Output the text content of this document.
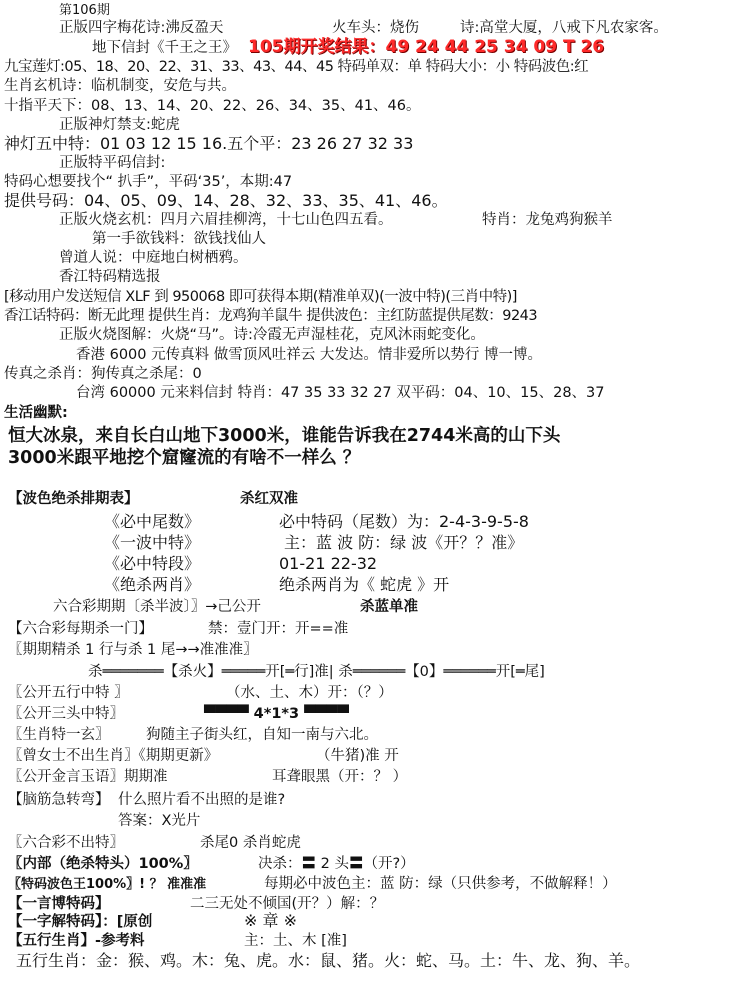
第106期
正版四字梅花诗:沸反盈天	火车头：烧伤	诗:高堂大厦，八戒下凡农家客。
地下信封《千王之王》 105期开奖结果：49 24 44 25 34 09 T 26
九宝莲灯:05、18、20、22、31、33、43、44、45 特码单双：单 特码大小：小 特码波色:红
生肖玄机诗：临机制变，安危与共。
十指平天下：08、13、14、20、22、26、34、35、41、46。
正版神灯禁支:蛇虎
神灯五中特：01 03 12 15 16.五个平：23 26 27 32 33
正版特平码信封:
特码心想要找个“ 扒手”，平码‘35’，本期:47
提供号码：04、05、09、14、28、32、33、35、41、46。
正版火烧玄机：四月六眉挂柳湾，十七山色四五看。	特肖：龙兔鸡狗猴羊
第一手欲钱料：欲钱找仙人
曾道人说：中庭地白树栖鸦。
香江特码精选报
[移动用户发送短信 XLF 到 950068 即可获得本期(精准单双)(一波中特)(三肖中特)]
香江话特码：断无此理 提供生肖：龙鸡狗羊鼠牛 提供波色：主红防蓝提供尾数：9243
正版火烧图解：火烧“马”。诗:冷霞无声湿桂花，克风沐雨蛇变化。
香港 6000 元传真料 做雪顶风吐祥云 大发达。情非爱所以势行 博一博。
传真之杀肖：狗传真之杀尾：0
台湾 60000 元来料信封 特肖：47 35 33 32 27 双平码：04、10、15、28、37
生活幽默:
恒大冰泉，来自长白山地下3000米，谁能告诉我在2744米高的山下头
3000米跟平地挖个窟窿流的有啥不一样么 ？
【波色绝杀排期表】	杀红双准
《必中尾数》	必中特码（尾数）为：2-4-3-9-5-8
《一波中特》	主：蓝 波 防：绿 波《开？？准》
《必中特段》	01-21 22-32
《绝杀两肖》	绝杀两肖为《 蛇虎 》开
六合彩期期〔杀半波〕〗→己公开	杀蓝单准
【六合彩每期杀一门】	禁：壹门开：开==准
〖期期精杀 1 行与杀 1 尾→→准准准〗
杀═══════【杀火】═════开[═行]准| 杀══════【0】══════开[═尾]
〖公开五行中特 〗	（水、土、木）开：（？）
〖公开三头中特〗	▀▀▀▀ 4*1*3 ▀▀▀▀
〖生肖特一玄〗	狗随主子街头红，自知一南与六北。
〖曾女士不出生肖〗《期期更新》	（牛猪)准 开
〖公开金言玉语〗期期准	耳聋眼黑（开：？ ）
【脑筋急转弯】 什么照片看不出照的是谁?
答案：X光片
〖六合彩不出特〗	杀尾0 杀肖蛇虎
〖内部（绝杀特头）100%〗	决杀：〓 2 头〓（开?）
〖特码波色王100%〗! ？ 准准准	每期必中波色主：蓝 防：绿（只供参考，不做解释！）
【一言博特码】	二三无处不倾国(开？）解：？
【一字解特码】：[原创	※ 章 ※
【五行生肖】-参考料	主：土、木 [准]
五行生肖：金：猴、鸡。木：兔、虎。水：鼠、猪。火：蛇、马。土：牛、龙、狗、羊。
